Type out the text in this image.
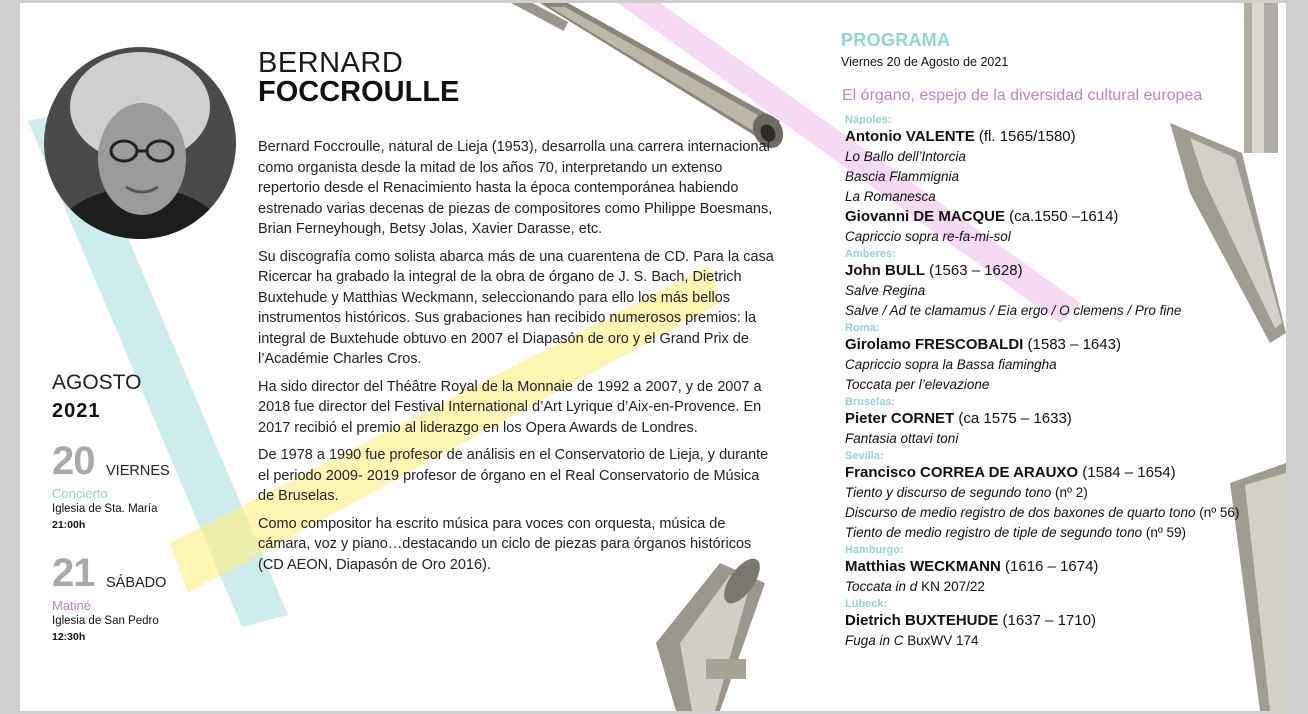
BERNARD
FOCCROULLE

Bernard Foccroulle, natural de Lieja (1953), desarrolla una carrera internacional como organista desde la mitad de los años 70, interpretando un extenso repertorio desde el Renacimiento hasta la época contemporánea habiendo estrenado varias decenas de piezas de compositores como Philippe Boesmans, Brian Ferneyhough, Betsy Jolas, Xavier Darasse, etc.

Su discografía como solista abarca más de una cuarentena de CD. Para la casa Ricercar ha grabado la integral de la obra de órgano de J. S. Bach, Dietrich Buxtehude y Matthias Weckmann, seleccionando para ello los más bellos instrumentos históricos. Sus grabaciones han recibido numerosos premios: la integral de Buxtehude obtuvo en 2007 el Diapasón de oro y el Grand Prix de l’Académie Charles Cros.

Ha sido director del Théâtre Royal de la Monnaie de 1992 a 2007, y de 2007 a 2018 fue director del Festival International d’Art Lyrique d’Aix-en-Provence. En 2017 recibió el premio al liderazgo en los Opera Awards de Londres.

De 1978 a 1990 fue profesor de análisis en el Conservatorio de Lieja, y durante el periodo 2009- 2019 profesor de órgano en el Real Conservatorio de Música de Bruselas.

Como compositor ha escrito música para voces con orquesta, música de cámara, voz y piano…destacando un ciclo de piezas para órganos históricos (CD AEON, Diapasón de Oro 2016).

AGOSTO
2021
20 VIERNES
Concierto
Iglesia de Sta. María
21:00h
21 SÁBADO
Matiné
Iglesia de San Pedro
12:30h
PROGRAMA
Viernes 20 de Agosto de 2021
El órgano, espejo de la diversidad cultural europea
Nápoles:
Antonio VALENTE (fl. 1565/1580)
Lo Ballo dell’Intorcia
Bascia Flammignia
La Romanesca
Giovanni DE MACQUE (ca.1550 –1614)
Capriccio sopra re-fa-mi-sol
Amberes:
John BULL (1563 – 1628)
Salve Regina
Salve / Ad te clamamus / Eia ergo / O clemens / Pro fine
Roma:
Girolamo FRESCOBALDI (1583 – 1643)
Capriccio sopra la Bassa fiamingha
Toccata per l’elevazione
Bruselas:
Pieter CORNET (ca 1575 – 1633)
Fantasia ottavi toni
Sevilla:
Francisco CORREA DE ARAUXO (1584 – 1654)
Tiento y discurso de segundo tono (nº 2)
Discurso de medio registro de dos baxones de quarto tono (nº 56)
Tiento de medio registro de tiple de segundo tono (nº 59)
Hamburgo:
Matthias WECKMANN (1616 – 1674)
Toccata in d KN 207/22
Lübeck:
Dietrich BUXTEHUDE (1637 – 1710)
Fuga in C BuxWV 174
